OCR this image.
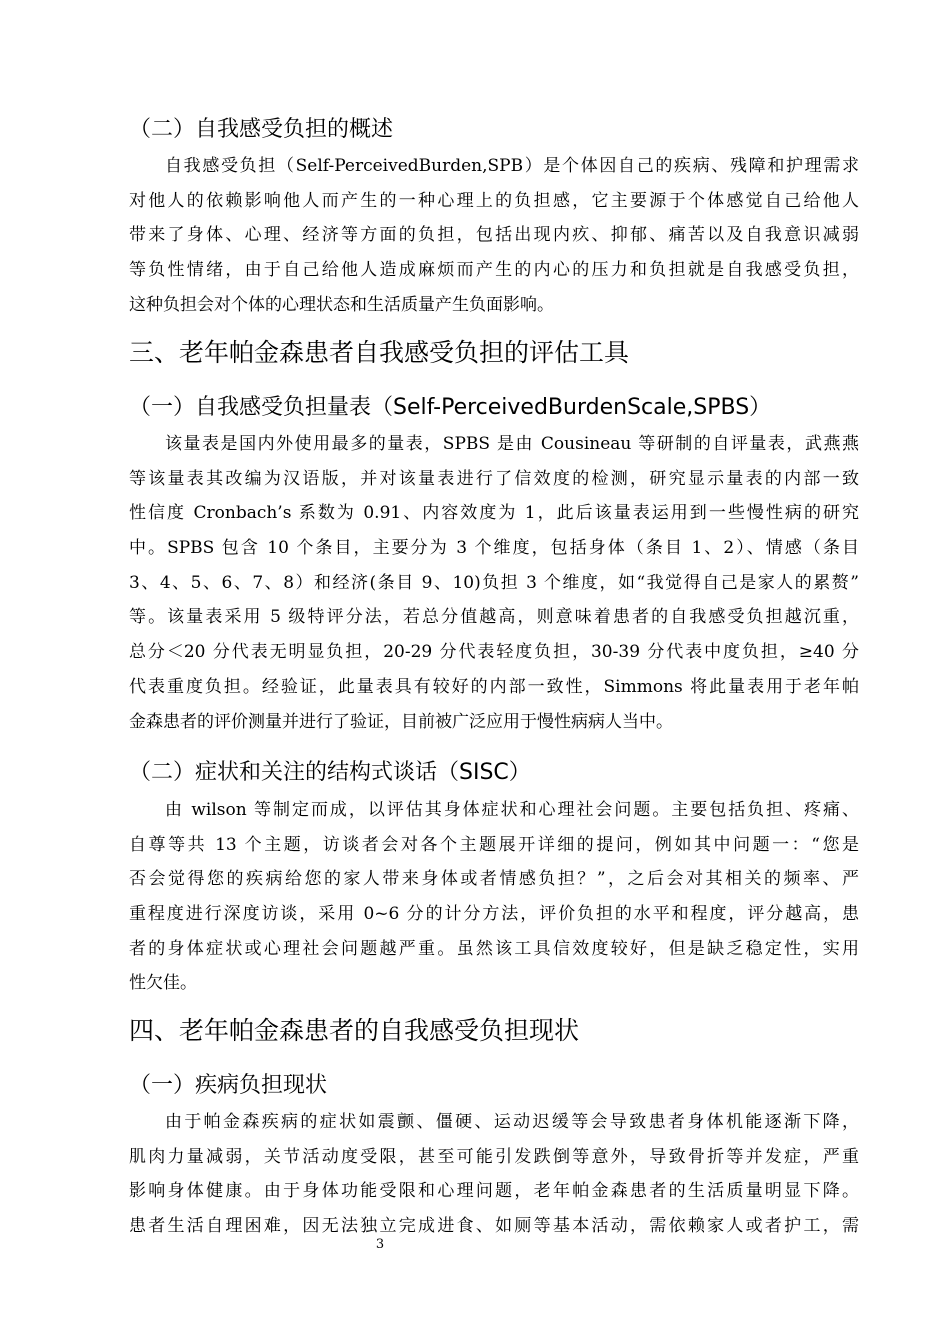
（二）自我感受负担的概述
自我感受负担（Self-PerceivedBurden,SPB）是个体因自己的疾病、残障和护理需求
对他人的依赖影响他人而产生的一种心理上的负担感，它主要源于个体感觉自己给他人
带来了身体、心理、经济等方面的负担，包括出现内疚、抑郁、痛苦以及自我意识减弱
等负性情绪，由于自己给他人造成麻烦而产生的内心的压力和负担就是自我感受负担，
这种负担会对个体的心理状态和生活质量产生负面影响。
三、老年帕金森患者自我感受负担的评估工具
（一）自我感受负担量表（Self-PerceivedBurdenScale,SPBS）
该量表是国内外使用最多的量表，SPBS 是由 Cousineau 等研制的自评量表，武燕燕
等该量表其改编为汉语版，并对该量表进行了信效度的检测，研究显示量表的内部一致
性信度 Cronbach’s 系数为 0.91、内容效度为 1，此后该量表运用到一些慢性病的研究
中。SPBS 包含 10 个条目，主要分为 3 个维度，包括身体（条目 1、2）、情感（条目
3、4、5、6、7、8）和经济(条目 9、10)负担 3 个维度，如“我觉得自己是家人的累赘”
等。该量表采用 5 级特评分法，若总分值越高，则意味着患者的自我感受负担越沉重，
总分＜20 分代表无明显负担，20-29 分代表轻度负担，30-39 分代表中度负担，≥40 分
代表重度负担。经验证，此量表具有较好的内部一致性，Simmons 将此量表用于老年帕
金森患者的评价测量并进行了验证，目前被广泛应用于慢性病病人当中。
（二）症状和关注的结构式谈话（SISC）
由 wilson 等制定而成，以评估其身体症状和心理社会问题。主要包括负担、疼痛、
自尊等共 13 个主题，访谈者会对各个主题展开详细的提问，例如其中问题一：“您是
否会觉得您的疾病给您的家人带来身体或者情感负担？”，之后会对其相关的频率、严
重程度进行深度访谈，采用 0~6 分的计分方法，评价负担的水平和程度，评分越高，患
者的身体症状或心理社会问题越严重。虽然该工具信效度较好，但是缺乏稳定性，实用
性欠佳。
四、老年帕金森患者的自我感受负担现状
（一）疾病负担现状
由于帕金森疾病的症状如震颤、僵硬、运动迟缓等会导致患者身体机能逐渐下降，
肌肉力量减弱，关节活动度受限，甚至可能引发跌倒等意外，导致骨折等并发症，严重
影响身体健康。由于身体功能受限和心理问题，老年帕金森患者的生活质量明显下降。
患者生活自理困难，因无法独立完成进食、如厕等基本活动，需依赖家人或者护工，需
3
